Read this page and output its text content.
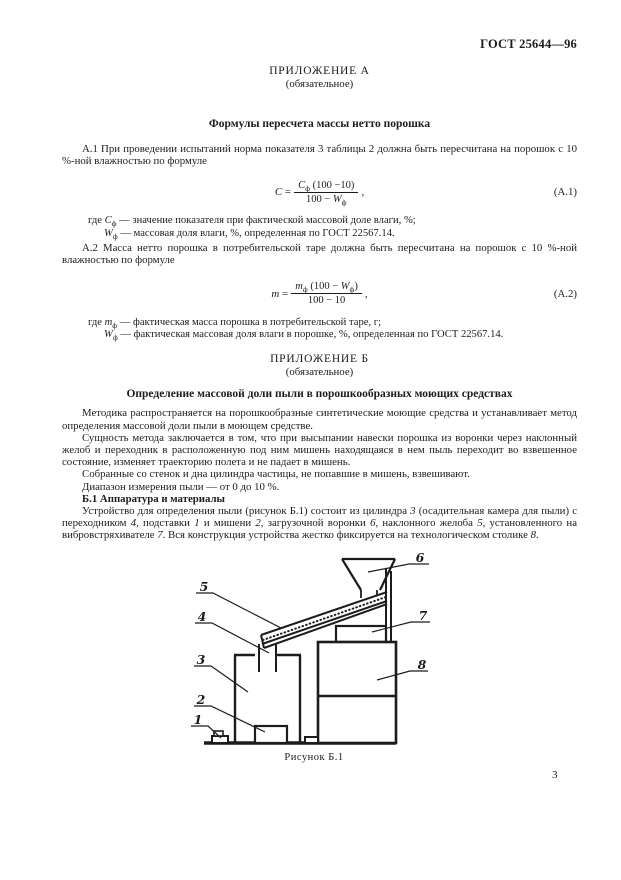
ГОСТ 25644—96
ПРИЛОЖЕНИЕ А
(обязательное)
Формулы пересчета массы нетто порошка

А.1 При проведении испытаний норма показателя 3 таблицы 2 должна быть пересчитана на порошок с 10 %-ной влажностью по формуле

$C = \frac{C_ф (100 -10)}{100 - W_ф}$ ,	(А.1)
где $C_ф$ — значение показателя при фактической массовой доле влаги, %;
$W_ф$ — массовая доля влаги, %, определенная по ГОСТ 22567.14.

А.2 Масса нетто порошка в потребительской таре должна быть пересчитана на порошок с 10 %-ной влажностью по формуле

$m = \frac{m_ф (100 - W_ф)}{100 - 10}$ ,	(А.2)
где $m_ф$ — фактическая масса порошка в потребительской таре, г;
$W_ф$ — фактическая массовая доля влаги в порошке, %, определенная по ГОСТ 22567.14.
ПРИЛОЖЕНИЕ Б
(обязательное)
Определение массовой доли пыли в порошкообразных моющих средствах

Методика распространяется на порошкообразные синтетические моющие средства и устанавливает метод определения массовой доли пыли в моющем средстве.

Сущность метода заключается в том, что при высыпании навески порошка из воронки через наклонный желоб и переходник в расположенную под ним мишень находящаяся в нем пыль переходит во взвешенное состояние, изменяет траекторию полета и не падает в мишень.

Собранные со стенок и дна цилиндра частицы, не попавшие в мишень, взвешивают.

Диапазон измерения пыли — от 0 до 10 %.

Б.1 Аппаратура и материалы

Устройство для определения пыли (рисунок Б.1) состоит из цилиндра 3 (осадительная камера для пыли) с переходником 4, подставки 1 и мишени 2, загрузочной воронки 6, наклонного желоба 5, установленного на вибровстряхивателе 7. Вся конструкция устройства жестко фиксируется на технологическом столике 8.

5
4
3
2
1
6
7
8
Рисунок Б.1
3
